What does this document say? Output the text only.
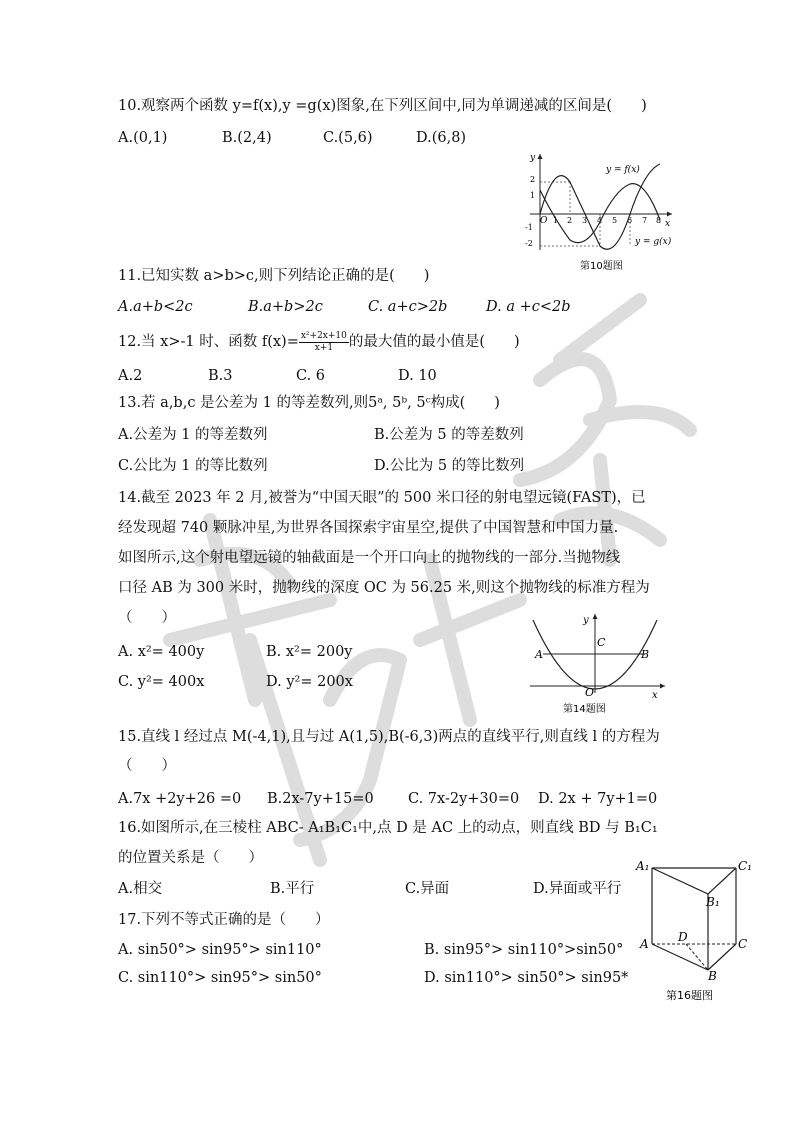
10.观察两个函数 y=f(x),y =g(x)图象,在下列区间中,同为单调递减的区间是(　　)
A.(0,1)	B.(2,4)	C.(5,6)	D.(6,8)
y
x
O
2
1
-1
-2
1 2 3 4 5 6 7 8
y = f(x)
y = g(x)
第10题图
11.已知实数 a>b>c,则下列结论正确的是(　　)
A.a+b<2c	B.a+b>2c	C. a+c>2b	D. a +c<2b
12.当 x>-1 时、函数 $f(x)= \frac{\text{x²+2x+10}}{x+1}$ 的最大值的最小值是(　　)
A.2	B.3	C. 6	D. 10
13.若 a,b,c 是公差为 1 的等差数列,则5ᵃ, 5ᵇ, 5ᶜ构成(　　)
A.公差为 1 的等差数列	B.公差为 5 的等差数列
C.公比为 1 的等比数列	D.公比为 5 的等比数列
14.截至 2023 年 2 月,被誉为“中国天眼”的 500 米口径的射电望远镜(FAST)，已
经发现超 740 颗脉冲星,为世界各国探索宇宙星空,提供了中国智慧和中国力量.
如图所示,这个射电望远镜的轴截面是一个开口向上的抛物线的一部分.当抛物线
口径 AB 为 300 米时，抛物线的深度 OC 为 56.25 米,则这个抛物线的标准方程为
（　　）
A. x²= 400y	B. x²= 200y
C. y²= 400x	D. y²= 200x
y
C
A	B
O	x
第14题图
15.直线 l 经过点 M(-4,1),且与过 A(1,5),B(-6,3)两点的直线平行,则直线 l 的方程为
（　　）
A.7x +2y+26 =0 B.2x-7y+15=0 C. 7x-2y+30=0 D. 2x + 7y+1=0
16.如图所示,在三棱柱 ABC- A₁B₁C₁中,点 D 是 AC 上的动点，则直线 BD 与 B₁C₁
的位置关系是（　　）
A.相交	B.平行	C.异面	D.异面或平行
A₁	C₁
B₁
A D	C
B
第16题图
17.下列不等式正确的是（　　）
A. sin50°> sin95°> sin110°	B. sin95°> sin110°>sin50°
C. sin110°> sin95°> sin50°	D. sin110°> sin50°> sin95*
